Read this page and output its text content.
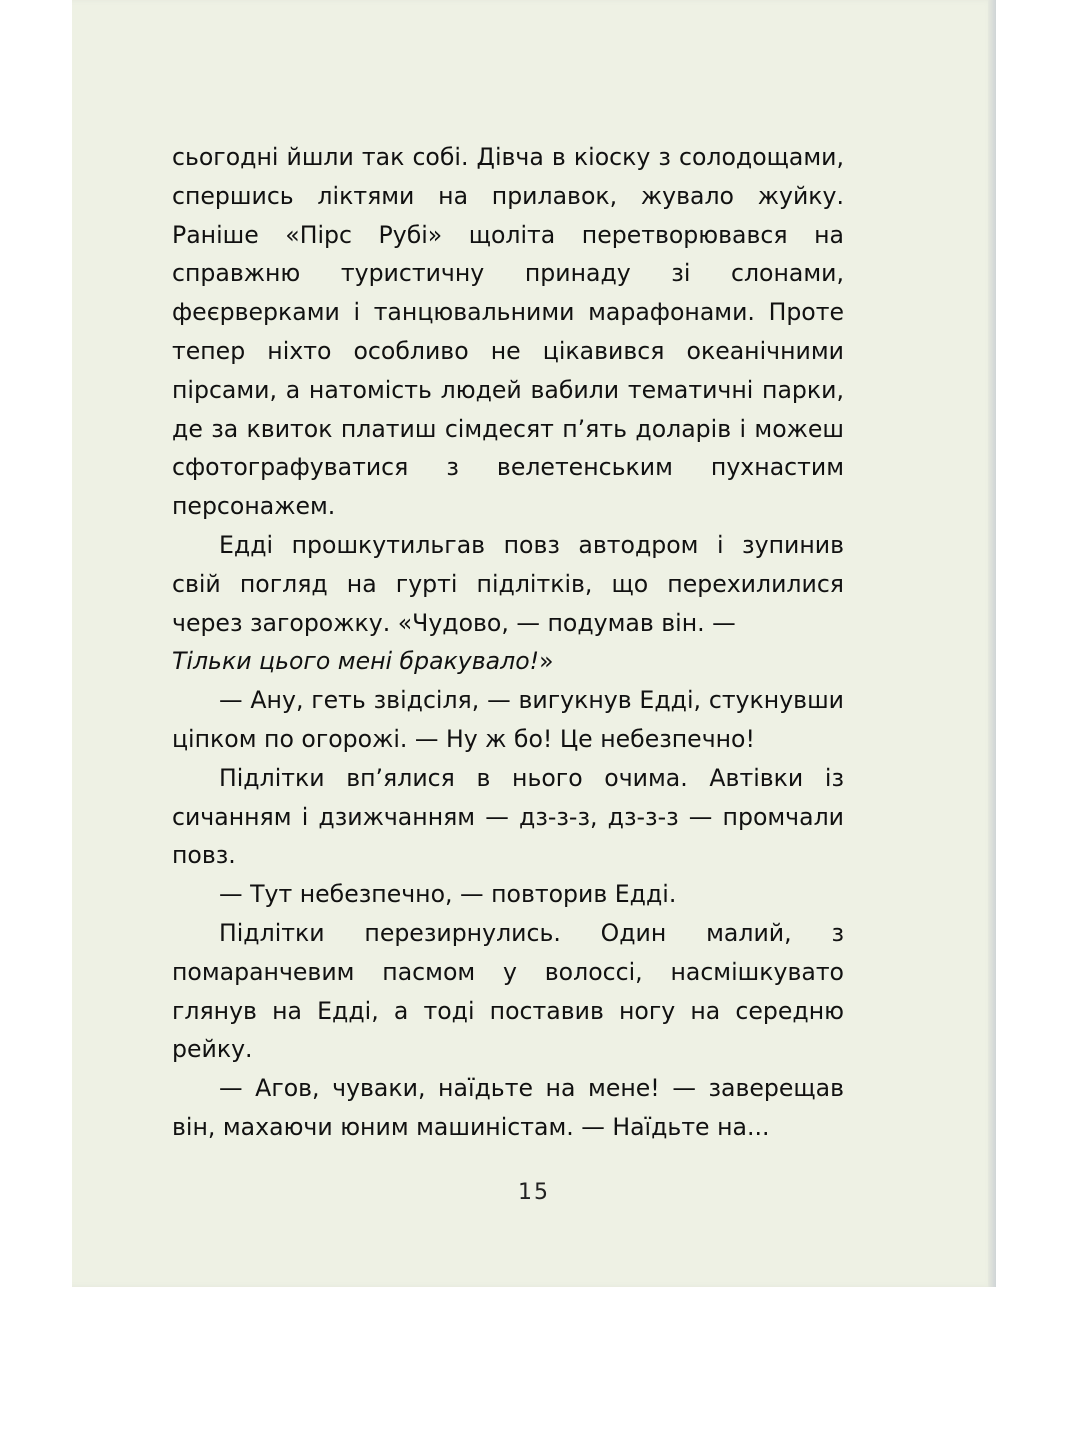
сьогодні йшли так собі. Дівча в кіоску з солодощами, спершись ліктями на прилавок, жувало жуйку. Раніше «Пірс Рубі» щоліта перетворювався на справжню туристичну принаду зі слонами, феєрверками і танцювальними марафонами. Проте тепер ніхто особливо не цікавився океанічними пірсами, а натомість людей вабили тематичні парки, де за квиток платиш сімдесят п’ять доларів і можеш сфотографуватися з велетенським пухнастим персонажем.

Едді прошкутильгав повз автодром і зупинив свій погляд на гурті підлітків, що перехилилися через загорожку. «Чудово, — подумав він. —
Тільки цього мені бракувало!»

— Ану, геть звідсіля, — вигукнув Едді, стукнувши ціпком по огорожі. — Ну ж бо! Це небезпечно!

Підлітки вп’ялися в нього очима. Автівки із сичанням і дзижчанням — дз-з-з, дз-з-з — промчали повз.

— Тут небезпечно, — повторив Едді.

Підлітки перезирнулись. Один малий, з помаранчевим пасмом у волоссі, насмішкувато глянув на Едді, а тоді поставив ногу на середню рейку.

— Агов, чуваки, наїдьте на мене! — заверещав він, махаючи юним машиністам. — Наїдьте на...

15
